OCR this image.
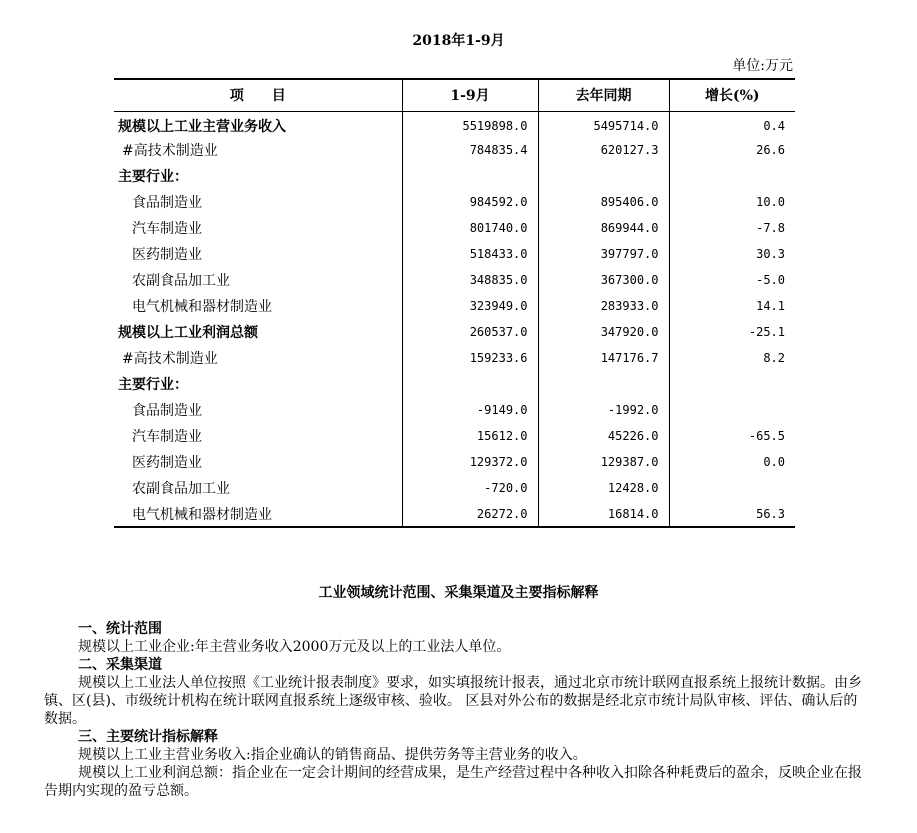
2018年1-9月
单位:万元
项　　目	1-9月	去年同期	增长(%)
规模以上工业主营业务收入	5519898.0	5495714.0	0.4
#高技术制造业	784835.4	620127.3	26.6
主要行业：			
食品制造业	984592.0	895406.0	10.0
汽车制造业	801740.0	869944.0	-7.8
医药制造业	518433.0	397797.0	30.3
农副食品加工业	348835.0	367300.0	-5.0
电气机械和器材制造业	323949.0	283933.0	14.1
规模以上工业利润总额	260537.0	347920.0	-25.1
#高技术制造业	159233.6	147176.7	8.2
主要行业：			
食品制造业	-9149.0	-1992.0	
汽车制造业	15612.0	45226.0	-65.5
医药制造业	129372.0	129387.0	0.0
农副食品加工业	-720.0	12428.0	
电气机械和器材制造业	26272.0	16814.0	56.3
工业领域统计范围、采集渠道及主要指标解释
一、统计范围
规模以上工业企业:年主营业务收入2000万元及以上的工业法人单位。
二、采集渠道
规模以上工业法人单位按照《工业统计报表制度》要求，如实填报统计报表，通过北京市统计联网直报系统上报统计数据。由乡镇、区(县)、市级统计机构在统计联网直报系统上逐级审核、验收。 区县对外公布的数据是经北京市统计局队审核、评估、确认后的数据。
三、主要统计指标解释
规模以上工业主营业务收入:指企业确认的销售商品、提供劳务等主营业务的收入。
规模以上工业利润总额：指企业在一定会计期间的经营成果，是生产经营过程中各种收入扣除各种耗费后的盈余，反映企业在报告期内实现的盈亏总额。
